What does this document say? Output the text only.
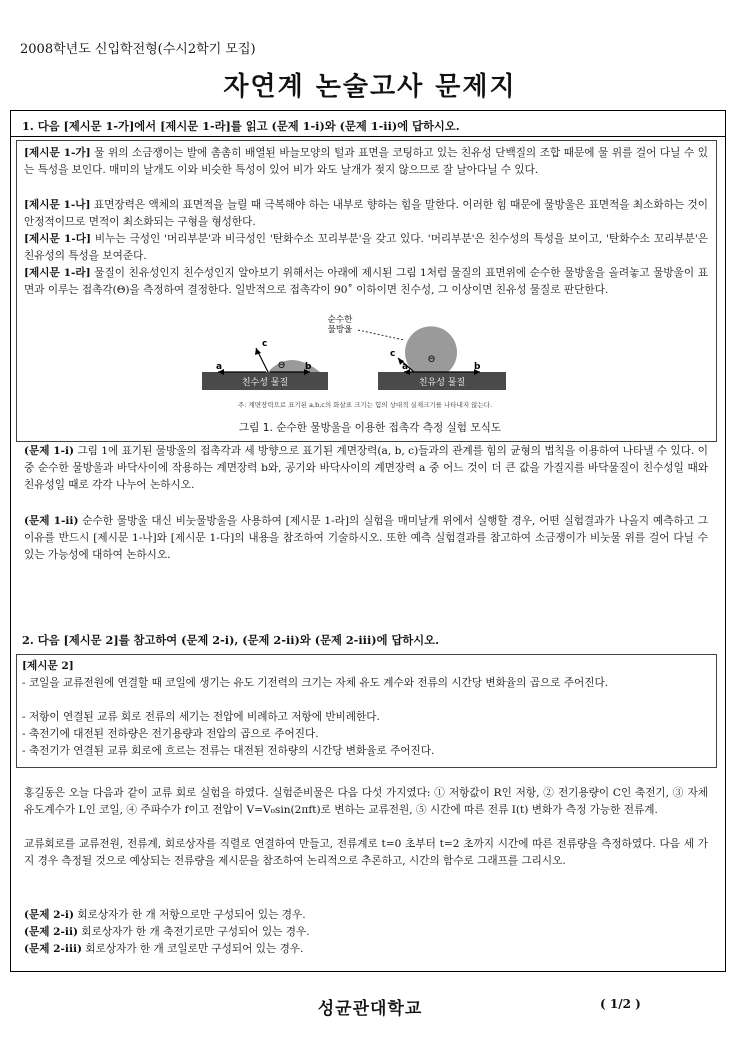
2008학년도 신입학전형(수시2학기 모집)
자연계 논술고사 문제지
1. 다음 [제시문 1-가]에서 [제시문 1-라]를 읽고 (문제 1-i)와 (문제 1-ii)에 답하시오.
[제시문 1-가] 물 위의 소금쟁이는 발에 촘촘히 배열된 바늘모양의 털과 표면을 코팅하고 있는 친유성 단백질의 조합 때문에 물 위를 걸어 다닐 수 있는 특성을 보인다. 매미의 날개도 이와 비슷한 특성이 있어 비가 와도 날개가 젖지 않으므로 잘 날아다닐 수 있다.
[제시문 1-나] 표면장력은 액체의 표면적을 늘릴 때 극복해야 하는 내부로 향하는 힘을 말한다. 이러한 힘 때문에 물방울은 표면적을 최소화하는 것이 안정적이므로 면적이 최소화되는 구형을 형성한다.
[제시문 1-다] 비누는 극성인 '머리부분'과 비극성인 '탄화수소 꼬리부분'을 갖고 있다. '머리부분'은 친수성의 특성을 보이고, '탄화수소 꼬리부분'은 친유성의 특성을 보여준다.
[제시문 1-라] 물질이 친유성인지 친수성인지 알아보기 위해서는 아래에 제시된 그림 1처럼 물질의 표면위에 순수한 물방울을 올려놓고 물방울이 표면과 이루는 접촉각(Θ)을 측정하여 결정한다. 일반적으로 접촉각이 90˚ 이하이면 친수성, 그 이상이면 친유성 물질로 판단한다.
친수성 물질
a	b
c
Θ
친유성 물질
c
a	b
Θ
순수한 물방울
주: 계면장력으로 표기된 a,b,c의 화살표 크기는 힘의 상대적 실제크기를 나타내지 않는다.
그림 1. 순수한 물방울을 이용한 접촉각 측정 실험 모식도
(문제 1-i) 그림 1에 표기된 물방울의 접촉각과 세 방향으로 표기된 계면장력(a, b, c)들과의 관계를 힘의 균형의 법칙을 이용하여 나타낼 수 있다. 이 중 순수한 물방울과 바닥사이에 작용하는 계면장력 b와, 공기와 바닥사이의 계면장력 a 중 어느 것이 더 큰 값을 가질지를 바닥물질이 친수성일 때와 친유성일 때로 각각 나누어 논하시오.
(문제 1-ii) 순수한 물방울 대신 비눗물방울을 사용하여 [제시문 1-라]의 실험을 매미날개 위에서 실행할 경우, 어떤 실험결과가 나올지 예측하고 그 이유를 반드시 [제시문 1-나]와 [제시문 1-다]의 내용을 참조하여 기술하시오. 또한 예측 실험결과를 참고하여 소금쟁이가 비눗물 위를 걸어 다닐 수 있는 가능성에 대하여 논하시오.
2. 다음 [제시문 2]를 참고하여 (문제 2-i), (문제 2-ii)와 (문제 2-iii)에 답하시오.
[제시문 2]
- 코일을 교류전원에 연결할 때 코일에 생기는 유도 기전력의 크기는 자체 유도 계수와 전류의 시간당 변화율의 곱으로 주어진다.
- 저항이 연결된 교류 회로 전류의 세기는 전압에 비례하고 저항에 반비례한다.
- 축전기에 대전된 전하량은 전기용량과 전압의 곱으로 주어진다.
- 축전기가 연결된 교류 회로에 흐르는 전류는 대전된 전하량의 시간당 변화율로 주어진다.
홍길동은 오늘 다음과 같이 교류 회로 실험을 하였다. 실험준비물은 다음 다섯 가지였다: ① 저항값이 R인 저항, ② 전기용량이 C인 축전기, ③ 자체유도계수가 L인 코일, ④ 주파수가 f이고 전압이 V=V₀sin(2πft)로 변하는 교류전원, ⑤ 시간에 따른 전류 I(t) 변화가 측정 가능한 전류계.
교류회로를 교류전원, 전류계, 회로상자를 직렬로 연결하여 만들고, 전류계로 t=0 초부터 t=2 초까지 시간에 따른 전류량을 측정하였다. 다음 세 가지 경우 측정될 것으로 예상되는 전류량을 제시문을 참조하여 논리적으로 추론하고, 시간의 함수로 그래프를 그리시오.
(문제 2-i) 회로상자가 한 개 저항으로만 구성되어 있는 경우.
(문제 2-ii) 회로상자가 한 개 축전기로만 구성되어 있는 경우.
(문제 2-iii) 회로상자가 한 개 코일로만 구성되어 있는 경우.
성균관대학교	( 1/2 )
